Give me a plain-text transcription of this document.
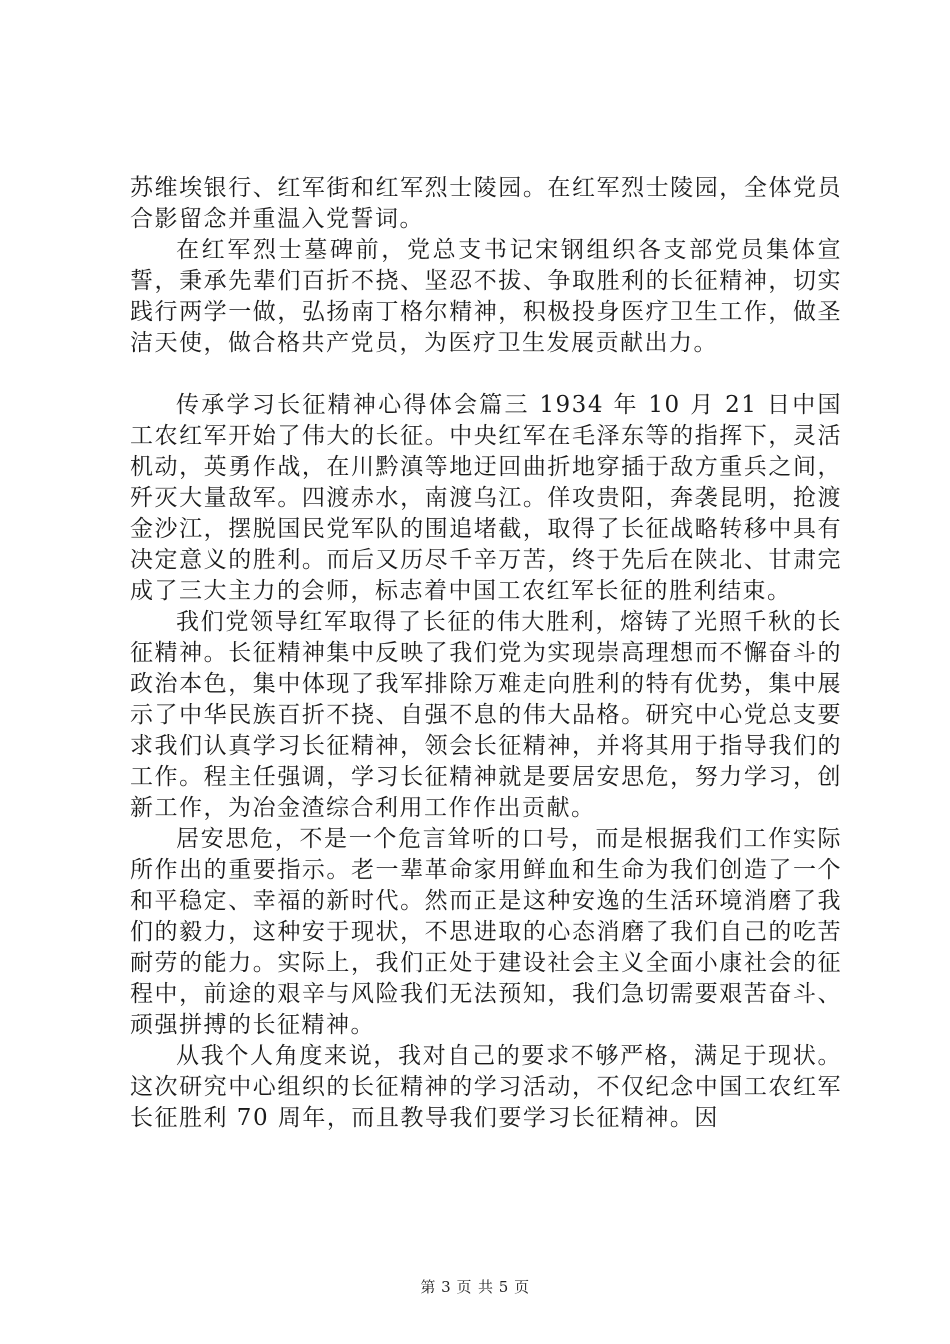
苏维埃银行、红军街和红军烈士陵园。在红军烈士陵园，全体党员合影留念并重温入党誓词。

在红军烈士墓碑前，党总支书记宋钢组织各支部党员集体宣誓，秉承先辈们百折不挠、坚忍不拔、争取胜利的长征精神，切实践行两学一做，弘扬南丁格尔精神，积极投身医疗卫生工作，做圣洁天使，做合格共产党员，为医疗卫生发展贡献出力。

传承学习长征精神心得体会篇三 1934 年 10 月 21 日中国工农红军开始了伟大的长征。中央红军在毛泽东等的指挥下，灵活机动，英勇作战，在川黔滇等地迂回曲折地穿插于敌方重兵之间，歼灭大量敌军。四渡赤水，南渡乌江。佯攻贵阳，奔袭昆明，抢渡金沙江，摆脱国民党军队的围追堵截，取得了长征战略转移中具有决定意义的胜利。而后又历尽千辛万苦，终于先后在陕北、甘肃完成了三大主力的会师，标志着中国工农红军长征的胜利结束。

我们党领导红军取得了长征的伟大胜利，熔铸了光照千秋的长征精神。长征精神集中反映了我们党为实现崇高理想而不懈奋斗的政治本色，集中体现了我军排除万难走向胜利的特有优势，集中展示了中华民族百折不挠、自强不息的伟大品格。研究中心党总支要求我们认真学习长征精神，领会长征精神，并将其用于指导我们的工作。程主任强调，学习长征精神就是要居安思危，努力学习，创新工作，为冶金渣综合利用工作作出贡献。

居安思危，不是一个危言耸听的口号，而是根据我们工作实际所作出的重要指示。老一辈革命家用鲜血和生命为我们创造了一个和平稳定、幸福的新时代。然而正是这种安逸的生活环境消磨了我们的毅力，这种安于现状，不思进取的心态消磨了我们自己的吃苦耐劳的能力。实际上，我们正处于建设社会主义全面小康社会的征程中，前途的艰辛与风险我们无法预知，我们急切需要艰苦奋斗、顽强拼搏的长征精神。

从我个人角度来说，我对自己的要求不够严格，满足于现状。这次研究中心组织的长征精神的学习活动，不仅纪念中国工农红军长征胜利 70 周年，而且教导我们要学习长征精神。因

第 3 页 共 5 页
